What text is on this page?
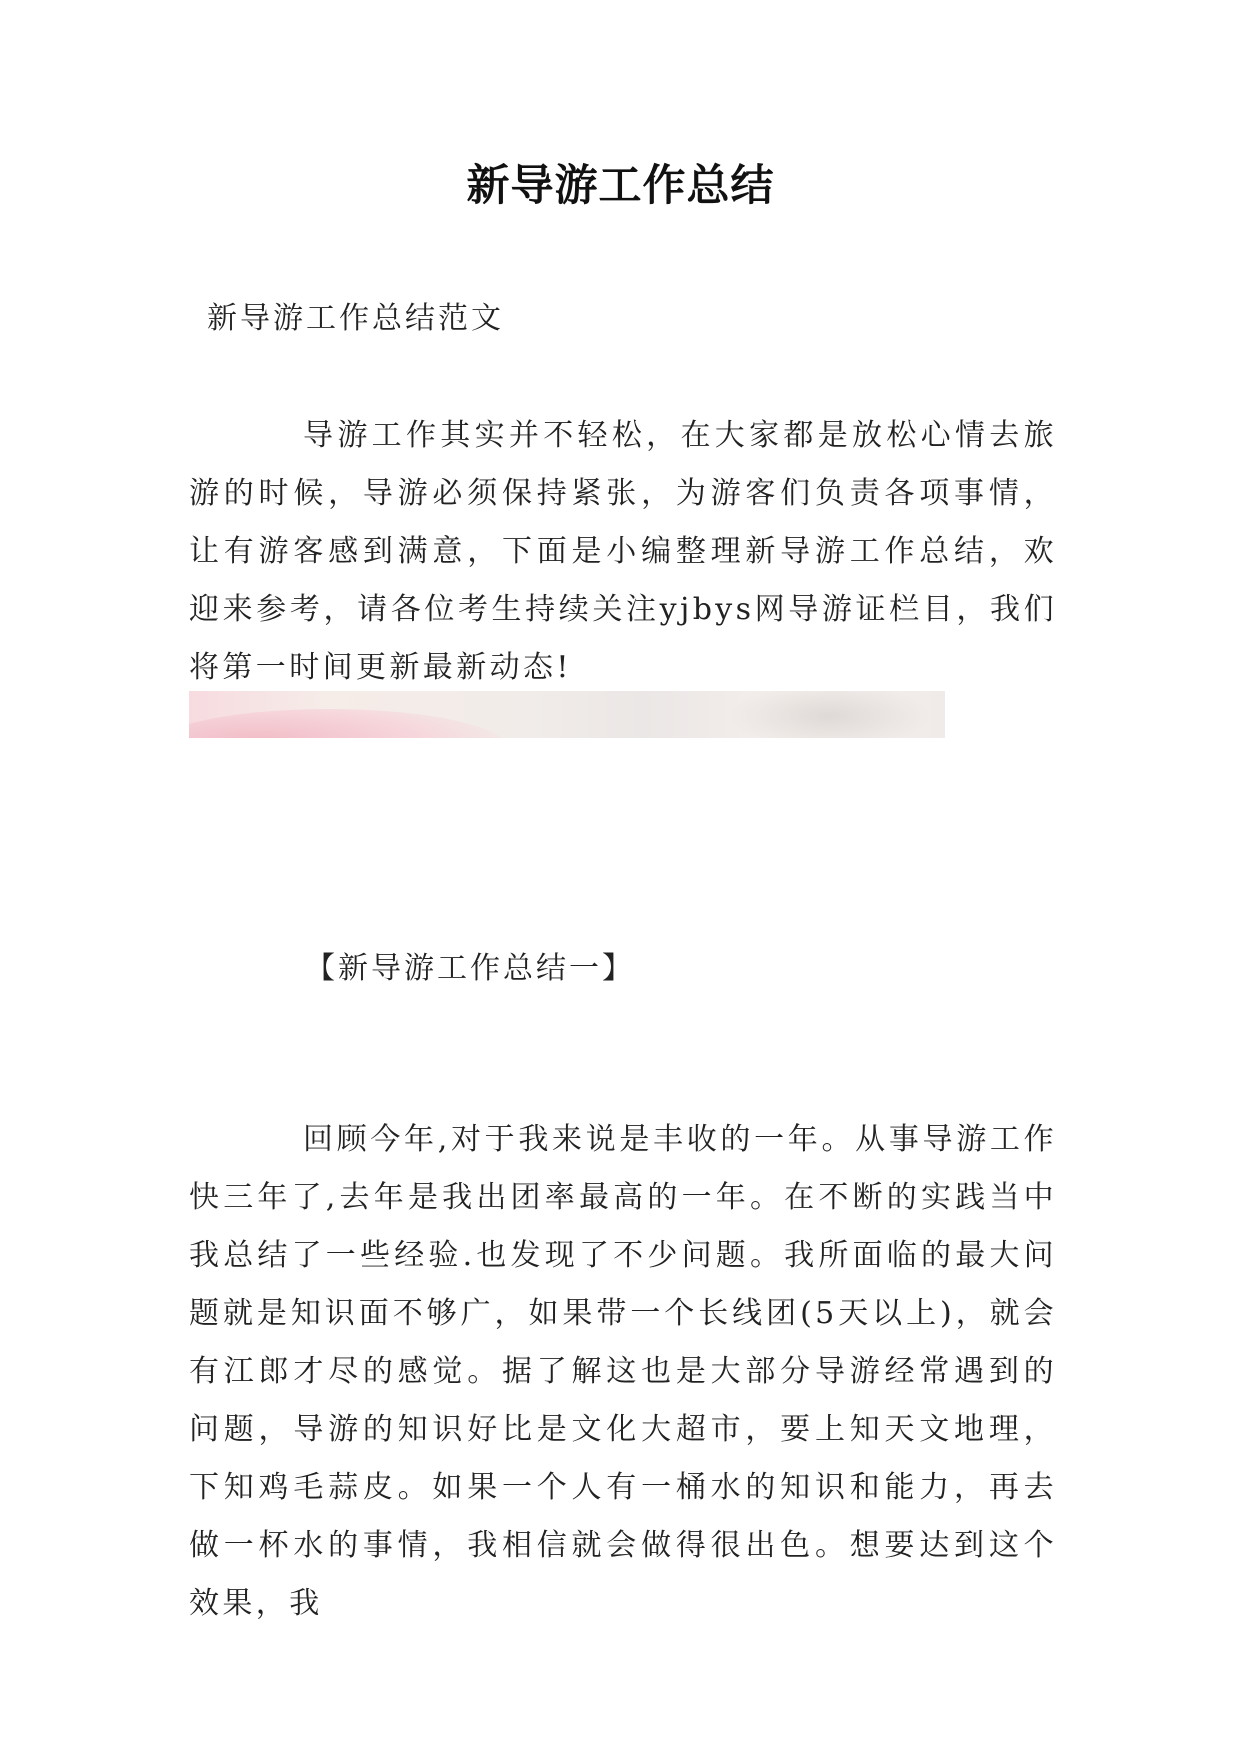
新导游工作总结

新导游工作总结范文

导游工作其实并不轻松，在大家都是放松心情去旅游的时候，导游必须保持紧张，为游客们负责各项事情，让有游客感到满意，下面是小编整理新导游工作总结，欢迎来参考，请各位考生持续关注yjbys网导游证栏目，我们将第一时间更新最新动态!

【新导游工作总结一】

回顾今年,对于我来说是丰收的一年。从事导游工作快三年了,去年是我出团率最高的一年。在不断的实践当中我总结了一些经验.也发现了不少问题。我所面临的最大问题就是知识面不够广，如果带一个长线团(5天以上)，就会有江郎才尽的感觉。据了解这也是大部分导游经常遇到的问题，导游的知识好比是文化大超市，要上知天文地理，下知鸡毛蒜皮。如果一个人有一桶水的知识和能力，再去做一杯水的事情，我相信就会做得很出色。想要达到这个效果，我
